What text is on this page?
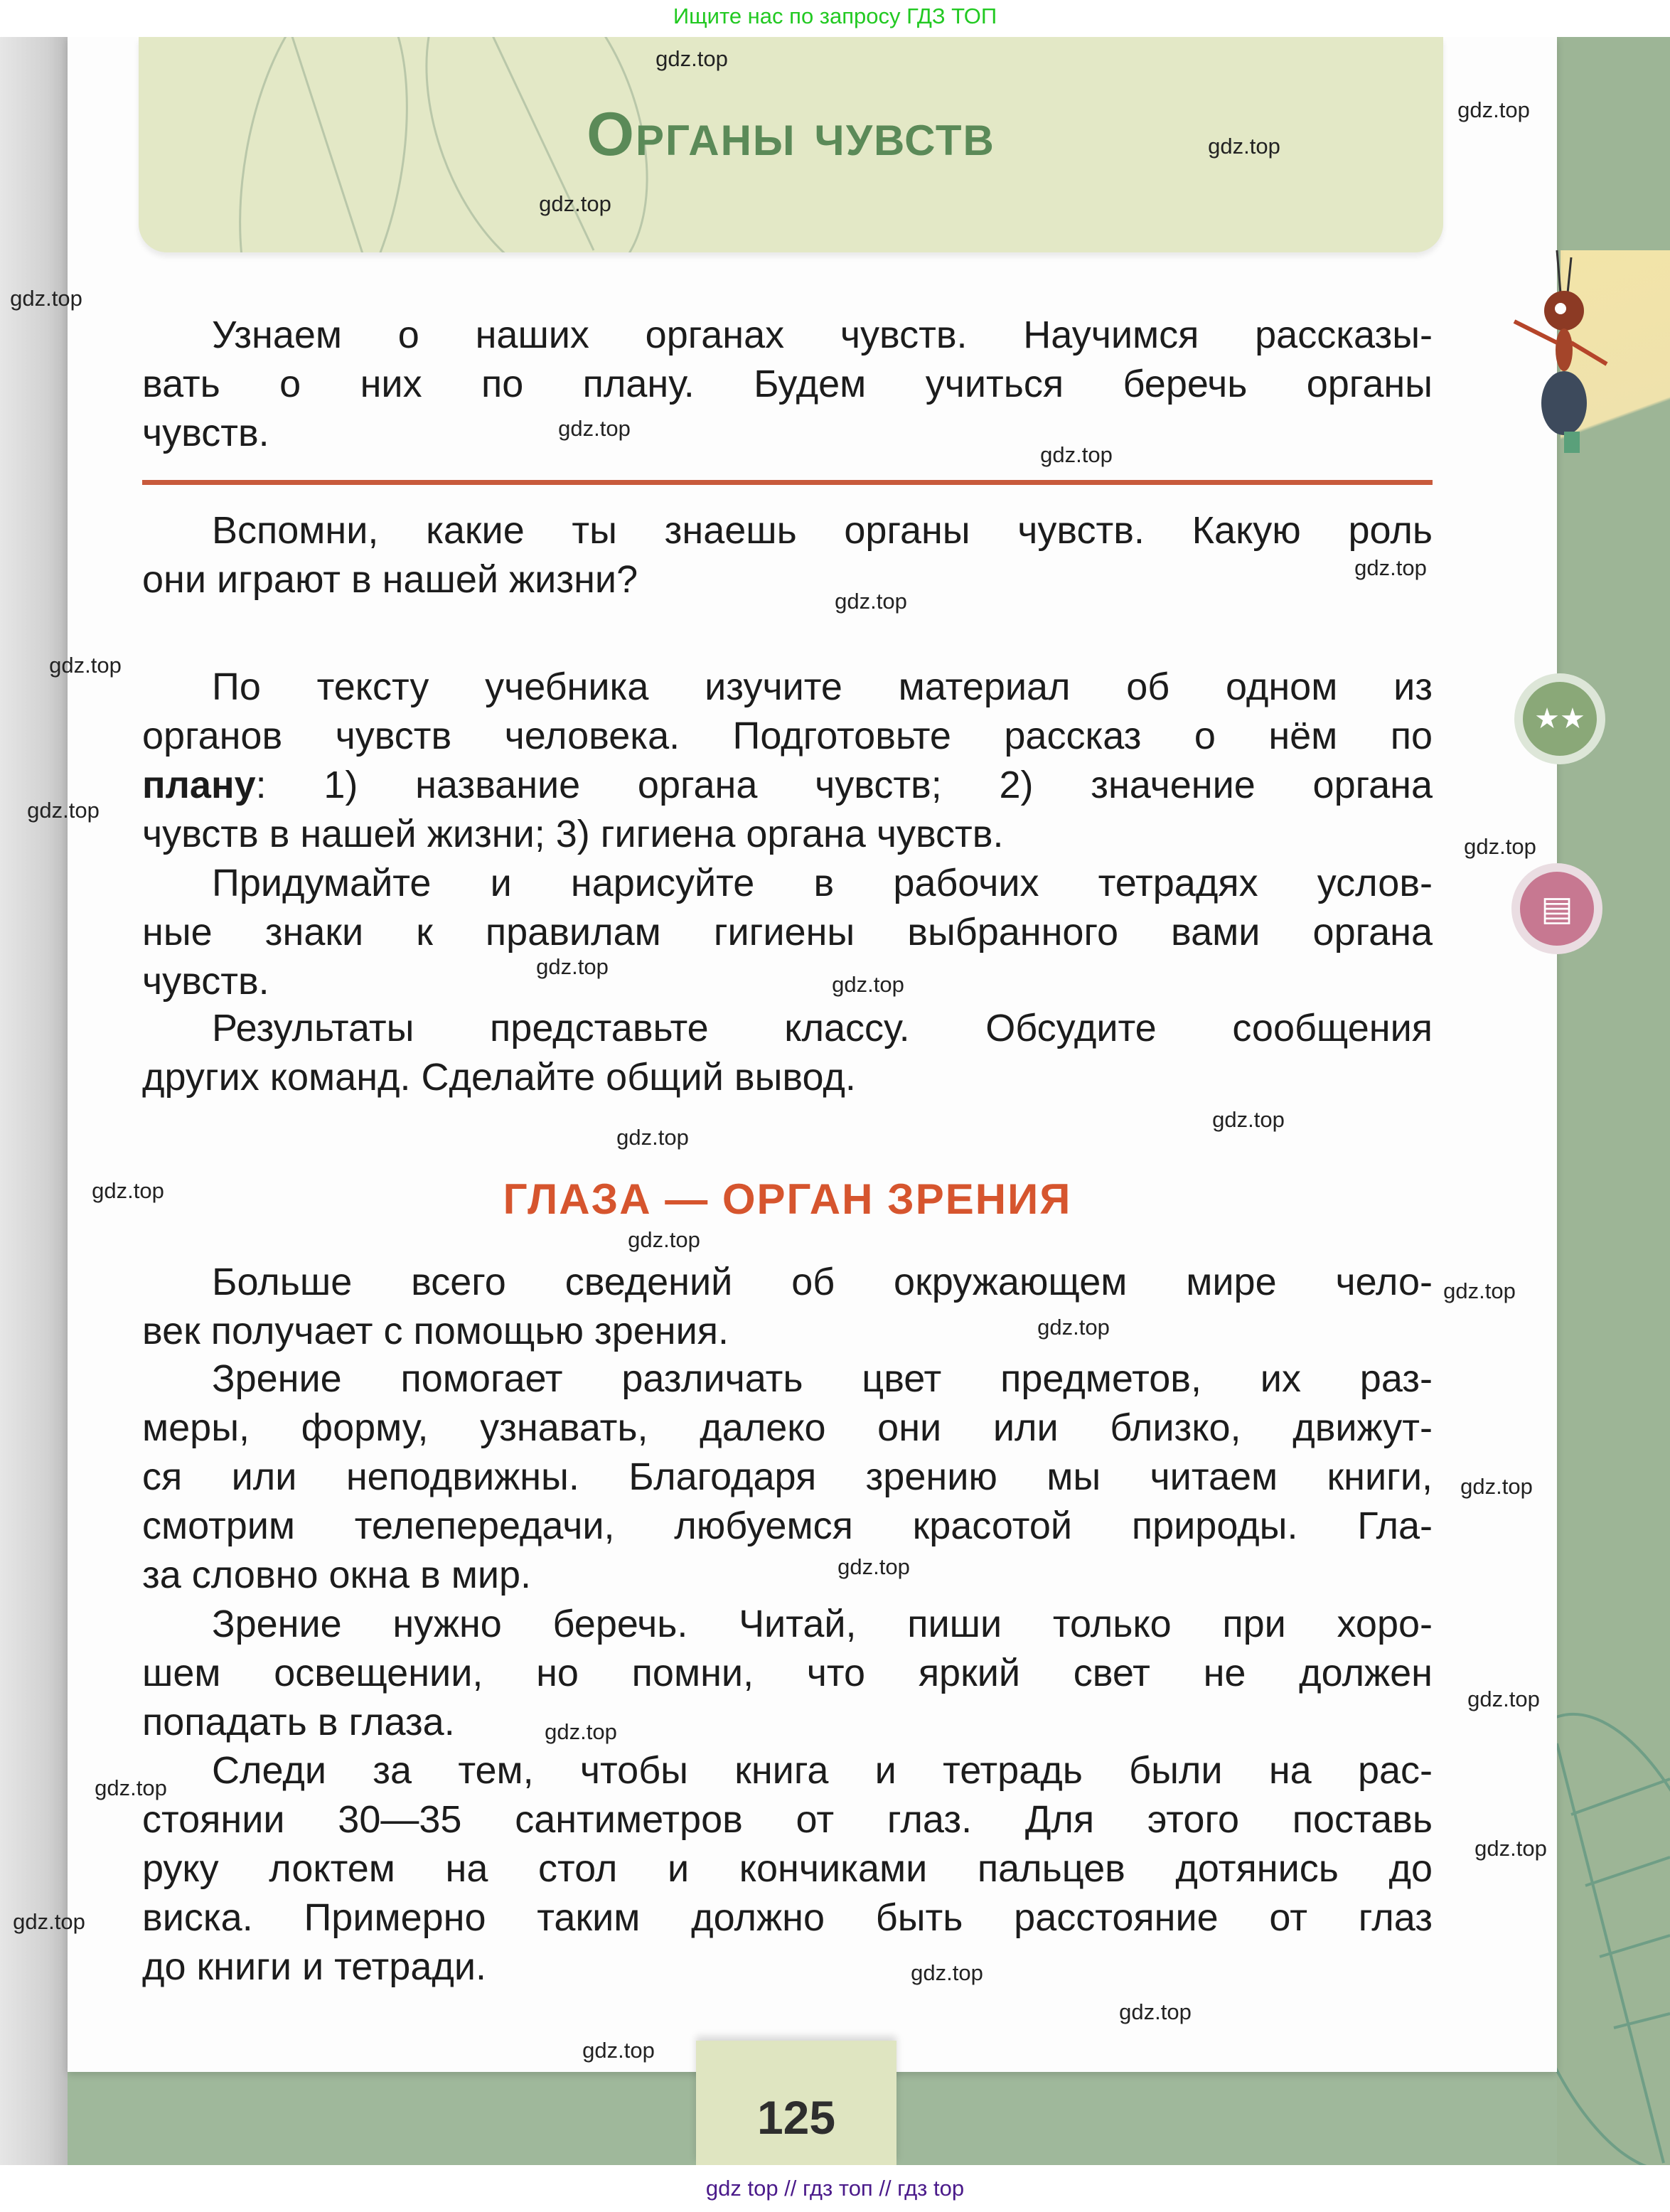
Ищите нас по запросу ГДЗ ТОП
125
★★
▤
Органы чувств
Узнаем о наших органах чувств. Научимся рассказы-
вать о них по плану. Будем учиться беречь органы
чувств.
Вспомни, какие ты знаешь органы чувств. Какую роль
они играют в нашей жизни?
По тексту учебника изучите материал об одном из
органов чувств человека. Подготовьте рассказ о нём по
плану: 1) название органа чувств; 2) значение органа
чувств в нашей жизни; 3) гигиена органа чувств.
Придумайте и нарисуйте в рабочих тетрадях услов-
ные знаки к правилам гигиены выбранного вами органа
чувств.
Результаты представьте классу. Обсудите сообщения
других команд. Сделайте общий вывод.
ГЛАЗА — ОРГАН ЗРЕНИЯ
Больше всего сведений об окружающем мире чело-
век получает с помощью зрения.
Зрение помогает различать цвет предметов, их раз-
меры, форму, узнавать, далеко они или близко, движут-
ся или неподвижны. Благодаря зрению мы читаем книги,
смотрим телепередачи, любуемся красотой природы. Гла-
за словно окна в мир.
Зрение нужно беречь. Читай, пиши только при хоро-
шем освещении, но помни, что яркий свет не должен
попадать в глаза.
Следи за тем, чтобы книга и тетрадь были на рас-
стоянии 30—35 сантиметров от глаз. Для этого поставь
руку локтем на стол и кончиками пальцев дотянись до
виска. Примерно таким должно быть расстояние от глаз
до книги и тетради.
gdz.top
gdz.top
gdz.top
gdz.top
gdz.top
gdz.top
gdz.top
gdz.top
gdz.top
gdz.top
gdz.top
gdz.top
gdz.top
gdz.top
gdz.top
gdz.top
gdz.top
gdz.top
gdz.top
gdz.top
gdz.top
gdz.top
gdz.top
gdz.top
gdz.top
gdz.top
gdz.top
gdz.top
gdz.top
gdz.top
gdz top // гдз топ // гдз top
